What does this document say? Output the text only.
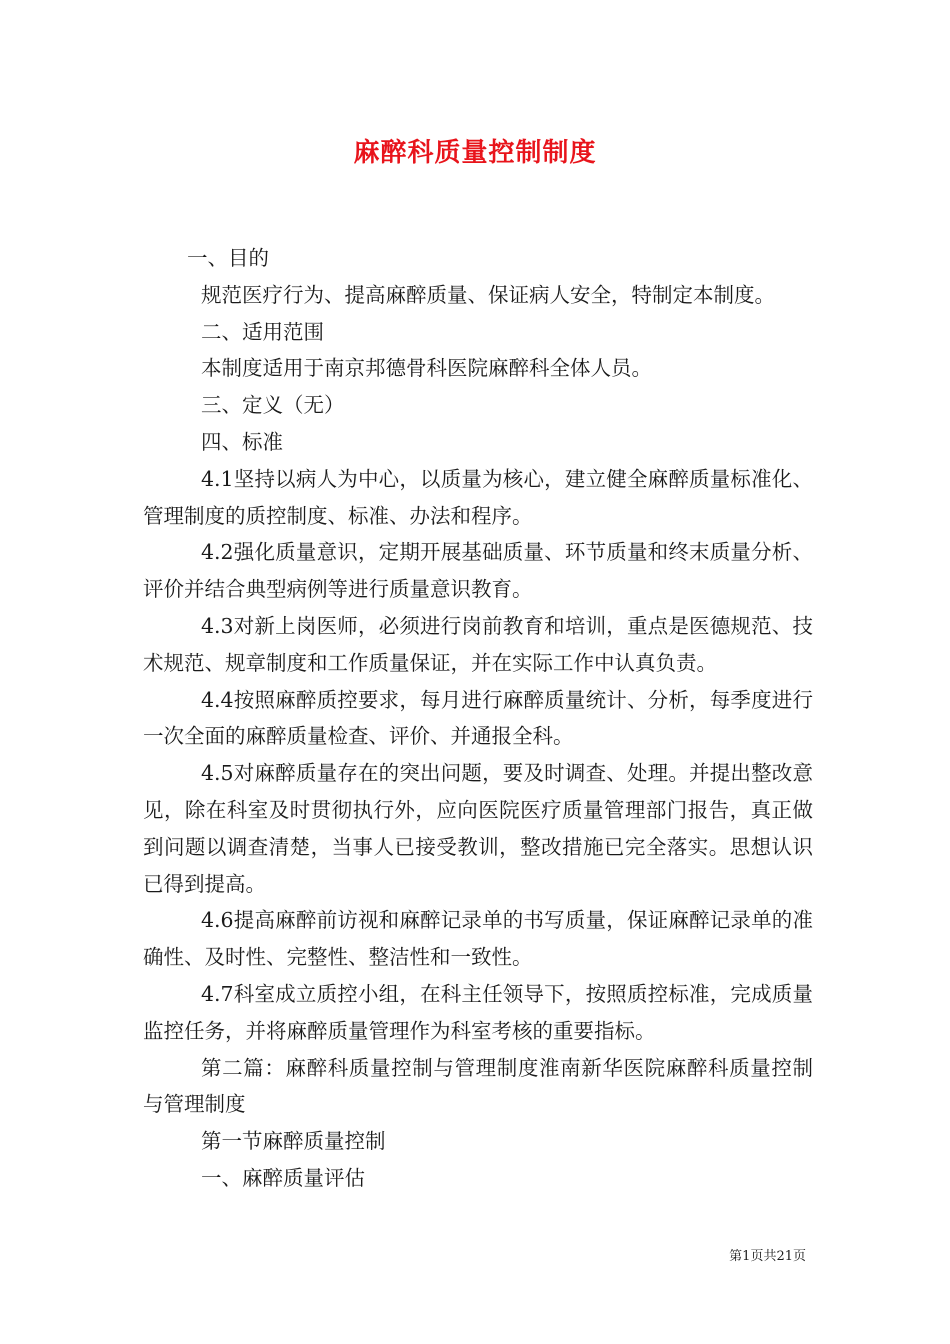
麻醉科质量控制制度
一、目的
规范医疗行为、提高麻醉质量、保证病人安全，特制定本制度。
二、适用范围
本制度适用于南京邦德骨科医院麻醉科全体人员。
三、定义（无）
四、标准
4.1坚持以病人为中心，以质量为核心，建立健全麻醉质量标准化、管理制度的质控制度、标准、办法和程序。
4.2强化质量意识，定期开展基础质量、环节质量和终末质量分析、评价并结合典型病例等进行质量意识教育。
4.3对新上岗医师，必须进行岗前教育和培训，重点是医德规范、技术规范、规章制度和工作质量保证，并在实际工作中认真负责。
4.4按照麻醉质控要求，每月进行麻醉质量统计、分析，每季度进行一次全面的麻醉质量检查、评价、并通报全科。
4.5对麻醉质量存在的突出问题，要及时调查、处理。并提出整改意见，除在科室及时贯彻执行外，应向医院医疗质量管理部门报告，真正做到问题以调查清楚，当事人已接受教训，整改措施已完全落实。思想认识已得到提高。
4.6提高麻醉前访视和麻醉记录单的书写质量，保证麻醉记录单的准确性、及时性、完整性、整洁性和一致性。
4.7科室成立质控小组，在科主任领导下，按照质控标准，完成质量监控任务，并将麻醉质量管理作为科室考核的重要指标。
第二篇：麻醉科质量控制与管理制度淮南新华医院麻醉科质量控制与管理制度
第一节麻醉质量控制
一、麻醉质量评估
第1页共21页
